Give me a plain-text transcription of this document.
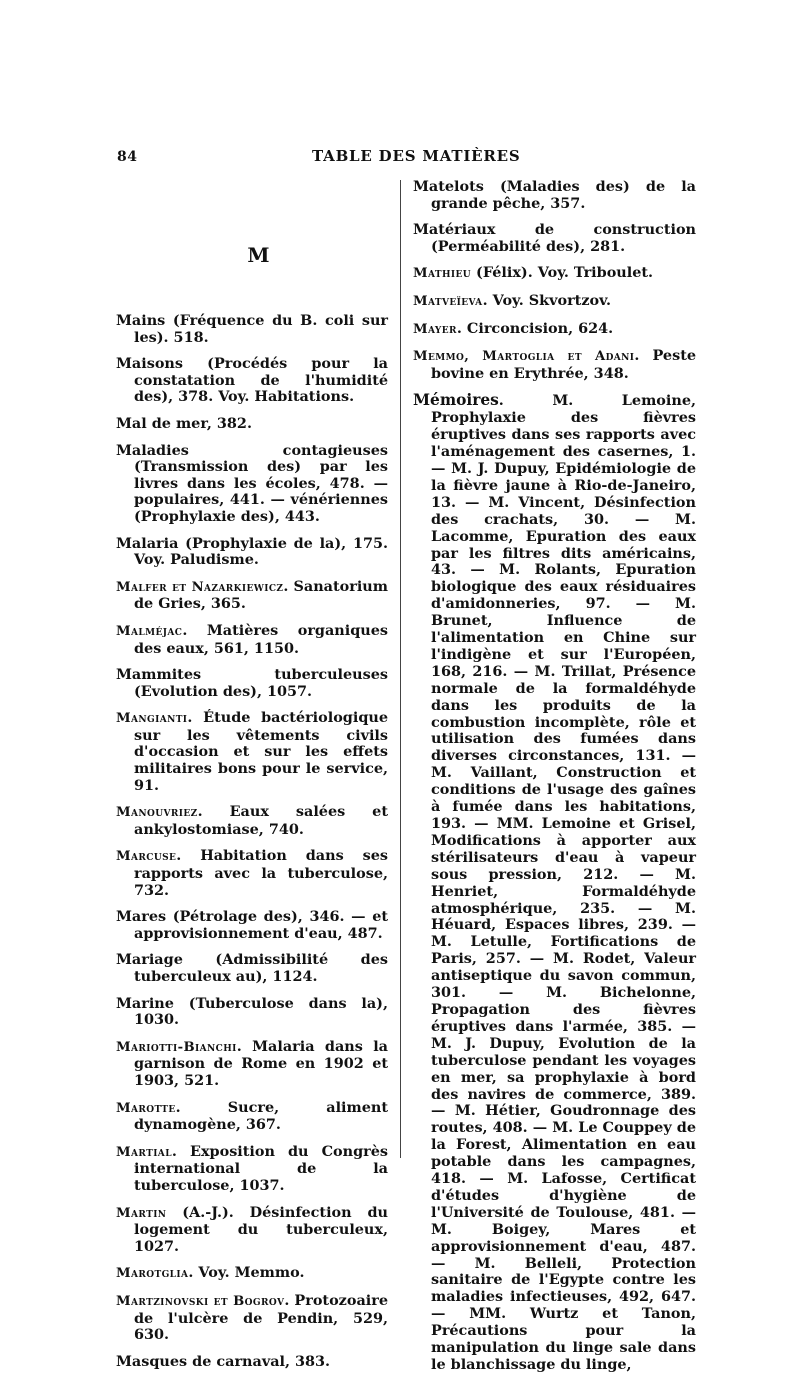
84	TABLE DES MATIÈRES
M

Mains (Fréquence du B. coli sur les). 518.

Maisons (Procédés pour la constatation de l'humidité des), 378. Voy. Habitations.

Mal de mer, 382.

Maladies contagieuses (Transmission des) par les livres dans les écoles, 478. — populaires, 441. — vénériennes (Prophylaxie des), 443.

Malaria (Prophylaxie de la), 175. Voy. Paludisme.

Malfer et Nazarkiewicz. Sanatorium de Gries, 365.

Malméjac. Matières organiques des eaux, 561, 1150.

Mammites tuberculeuses (Evolution des), 1057.

Mangianti. Étude bactériologique sur les vêtements civils d'occasion et sur les effets militaires bons pour le service, 91.

Manouvriez. Eaux salées et ankylostomiase, 740.

Marcuse. Habitation dans ses rapports avec la tuberculose, 732.

Mares (Pétrolage des), 346. — et approvisionnement d'eau, 487.

Mariage (Admissibilité des tuberculeux au), 1124.

Marine (Tuberculose dans la), 1030.

Mariotti-Bianchi. Malaria dans la garnison de Rome en 1902 et 1903, 521.

Marotte. Sucre, aliment dynamogène, 367.

Martial. Exposition du Congrès international de la tuberculose, 1037.

Martin (A.-J.). Désinfection du logement du tuberculeux, 1027.

Marotglia. Voy. Memmo.

Martzinovski et Bogrov. Protozoaire de l'ulcère de Pendin, 529, 630.

Masques de carnaval, 383.

Matelots (Maladies des) de la grande pêche, 357.

Matériaux de construction (Perméabilité des), 281.

Mathieu (Félix). Voy. Triboulet.

Matveïeva. Voy. Skvortzov.

Mayer. Circoncision, 624.

Memmo, Martoglia et Adani. Peste bovine en Erythrée, 348.

Mémoires. M. Lemoine, Prophylaxie des fièvres éruptives dans ses rapports avec l'aménagement des casernes, 1. — M. J. Dupuy, Epidémiologie de la fièvre jaune à Rio-de-Janeiro, 13. — M. Vincent, Désinfection des crachats, 30. — M. Lacomme, Epuration des eaux par les filtres dits américains, 43. — M. Rolants, Epuration biologique des eaux résiduaires d'amidonneries, 97. — M. Brunet, Influence de l'alimentation en Chine sur l'indigène et sur l'Européen, 168, 216. — M. Trillat, Présence normale de la formaldéhyde dans les produits de la combustion incomplète, rôle et utilisation des fumées dans diverses circonstances, 131. — M. Vaillant, Construction et conditions de l'usage des gaînes à fumée dans les habitations, 193. — MM. Lemoine et Grisel, Modifications à apporter aux stérilisateurs d'eau à vapeur sous pression, 212. — M. Henriet, Formaldéhyde atmosphérique, 235. — M. Héuard, Espaces libres, 239. — M. Letulle, Fortifications de Paris, 257. — M. Rodet, Valeur antiseptique du savon commun, 301. — M. Bichelonne, Propagation des fièvres éruptives dans l'armée, 385. — M. J. Dupuy, Evolution de la tuberculose pendant les voyages en mer, sa prophylaxie à bord des navires de commerce, 389. — M. Hétier, Goudronnage des routes, 408. — M. Le Couppey de la Forest, Alimentation en eau potable dans les campagnes, 418. — M. Lafosse, Certificat d'études d'hygiène de l'Université de Toulouse, 481. — M. Boigey, Mares et approvisionnement d'eau, 487. — M. Belleli, Protection sanitaire de l'Egypte contre les maladies infectieuses, 492, 647. — MM. Wurtz et Tanon, Précautions pour la manipulation du linge sale dans le blanchissage du linge,
